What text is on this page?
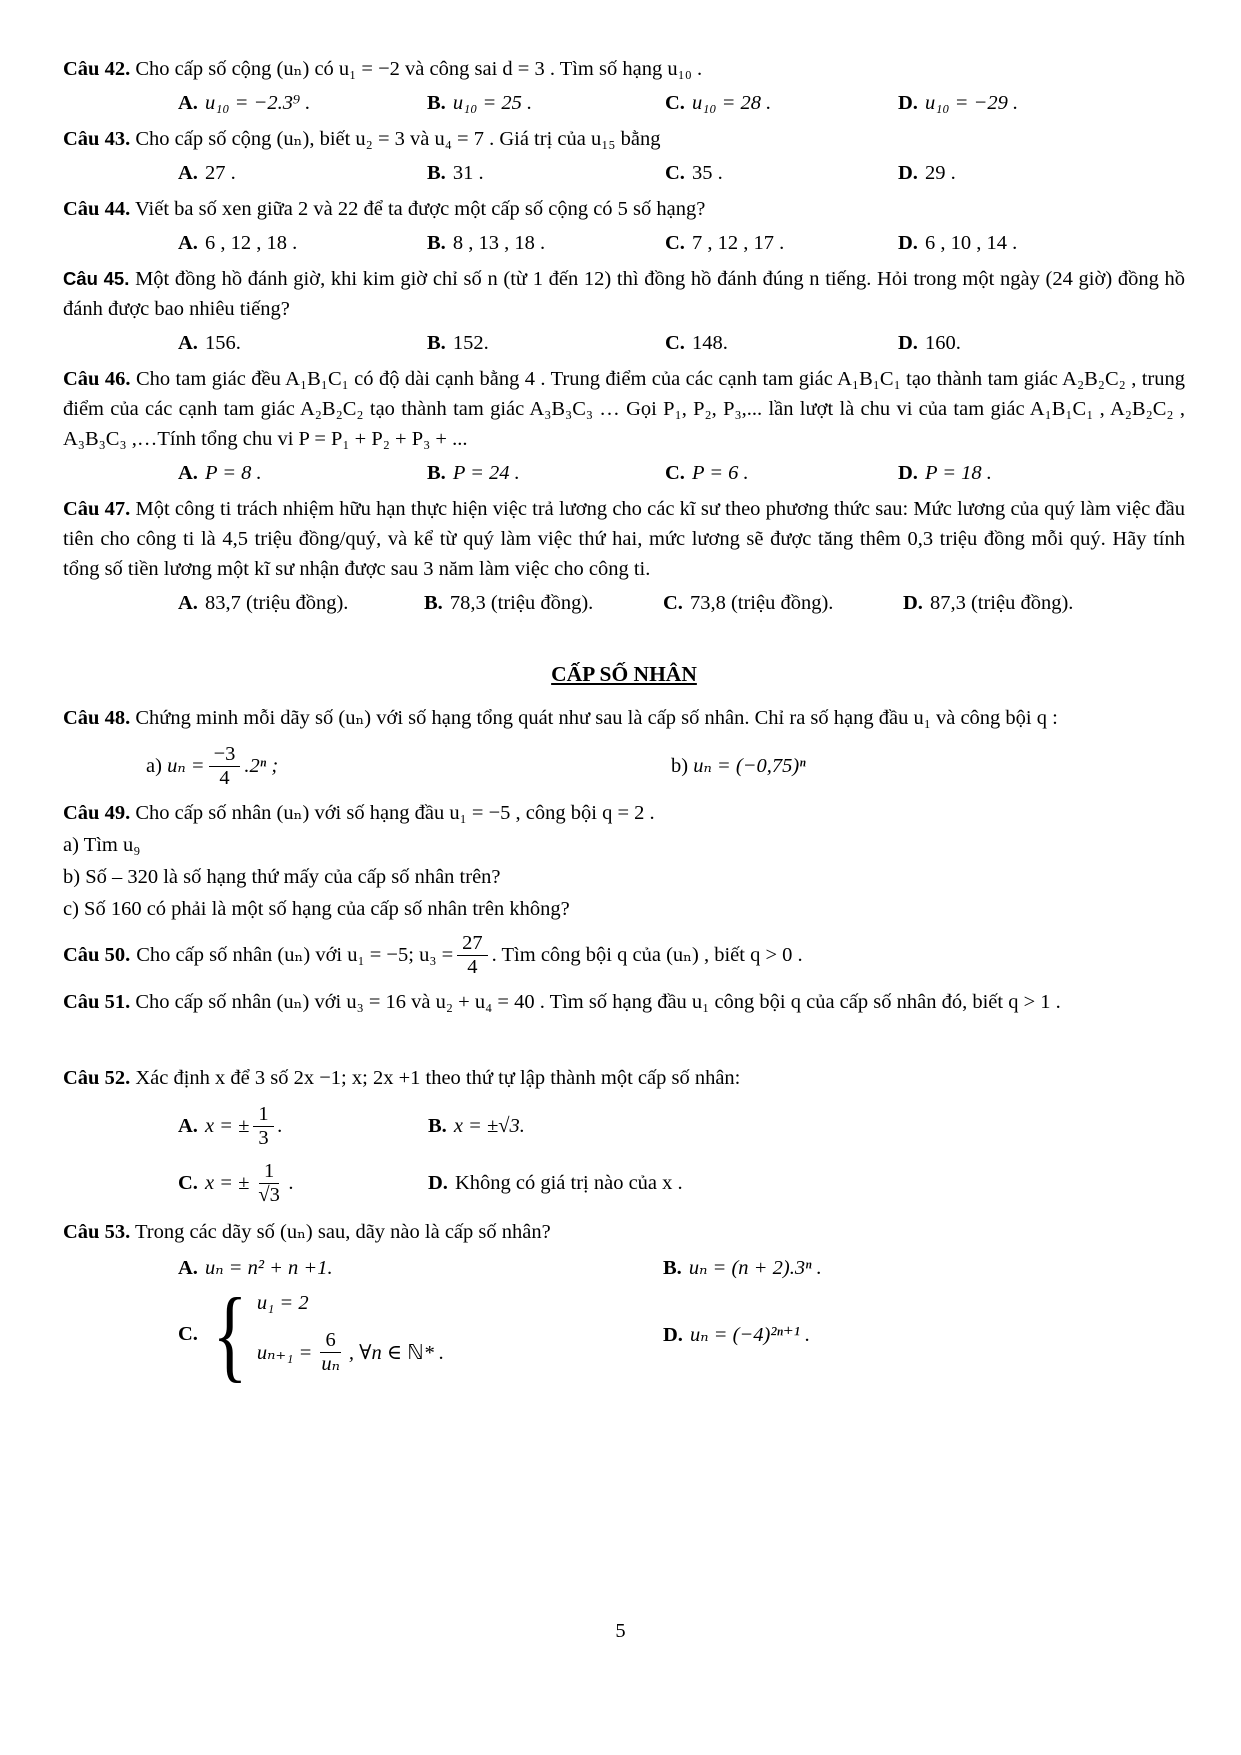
Câu 42. Cho cấp số cộng (uₙ) có u₁ = −2 và công sai d = 3 . Tìm số hạng u₁₀ .

A. u₁₀ = −2.3⁹ .	B. u₁₀ = 25 .	C. u₁₀ = 28 .	D. u₁₀ = −29 .

Câu 43. Cho cấp số cộng (uₙ), biết u₂ = 3 và u₄ = 7 . Giá trị của u₁₅ bằng

A. 27 .	B. 31 .	C. 35 .	D. 29 .

Câu 44. Viết ba số xen giữa 2 và 22 để ta được một cấp số cộng có 5 số hạng?

A. 6 , 12 , 18 .	B. 8 , 13 , 18 .	C. 7 , 12 , 17 .	D. 6 , 10 , 14 .

Câu 45. Một đồng hồ đánh giờ, khi kim giờ chỉ số n (từ 1 đến 12) thì đồng hồ đánh đúng n tiếng. Hỏi trong một ngày (24 giờ) đồng hồ đánh được bao nhiêu tiếng?

A. 156.	B. 152.	C. 148.	D. 160.

Câu 46. Cho tam giác đều A₁B₁C₁ có độ dài cạnh bằng 4 . Trung điểm của các cạnh tam giác A₁B₁C₁ tạo thành tam giác A₂B₂C₂ , trung điểm của các cạnh tam giác A₂B₂C₂ tạo thành tam giác A₃B₃C₃ … Gọi P₁, P₂, P₃,... lần lượt là chu vi của tam giác A₁B₁C₁ , A₂B₂C₂ , A₃B₃C₃ ,…Tính tổng chu vi P = P₁ + P₂ + P₃ + ...

A. P = 8 .	B. P = 24 .	C. P = 6 .	D. P = 18 .

Câu 47. Một công ti trách nhiệm hữu hạn thực hiện việc trả lương cho các kĩ sư theo phương thức sau: Mức lương của quý làm việc đầu tiên cho công ti là 4,5 triệu đồng/quý, và kể từ quý làm việc thứ hai, mức lương sẽ được tăng thêm 0,3 triệu đồng mỗi quý. Hãy tính tổng số tiền lương một kĩ sư nhận được sau 3 năm làm việc cho công ti.

A. 83,7 (triệu đồng).	B. 78,3 (triệu đồng).	C. 73,8 (triệu đồng).	D. 87,3 (triệu đồng).
CẤP SỐ NHÂN

Câu 48. Chứng minh mỗi dãy số (uₙ) với số hạng tổng quát như sau là cấp số nhân. Chỉ ra số hạng đầu u₁ và công bội q :

a)
$u_n = \frac{-3}{4} .2^n$ ;	b)
uₙ = (−0,75)ⁿ

Câu 49. Cho cấp số nhân (uₙ) với số hạng đầu u₁ = −5 , công bội q = 2 .

a) Tìm u₉

b) Số – 320 là số hạng thứ mấy của cấp số nhân trên?

c) Số 160 có phải là một số hạng của cấp số nhân trên không?

Câu 50. Cho cấp số nhân (uₙ) với u₁ = −5; $u_3 = \frac{27}{4}$ . Tìm công bội q của (uₙ) , biết q > 0 .

Câu 51. Cho cấp số nhân (uₙ) với u₃ = 16 và u₂ + u₄ = 40 . Tìm số hạng đầu u₁ công bội q của cấp số nhân đó, biết q > 1 .

Câu 52. Xác định x để 3 số 2x −1; x; 2x +1 theo thứ tự lập thành một cấp số nhân:

A. x = ± $\frac{1}{3}$ .	B. x = ±√3.
C. x = ± $\frac{1}{√3}$ .	D. Không có giá trị nào của x .

Câu 53. Trong các dãy số (uₙ) sau, dãy nào là cấp số nhân?

A. uₙ = n² + n +1.	B. uₙ = (n + 2).3ⁿ .
C. { u₁ = 2
$u_{n+1} = \frac{6}{\text{uₙ}}$ , ∀n ∈ ℕ* .
D. uₙ = (−4)²ⁿ⁺¹ .
5
